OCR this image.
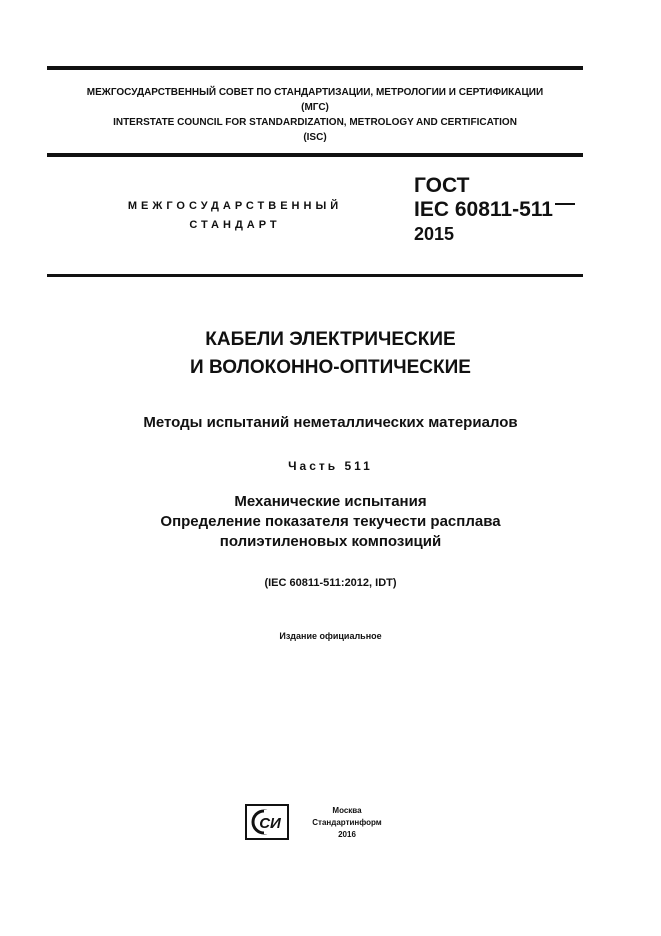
МЕЖГОСУДАРСТВЕННЫЙ СОВЕТ ПО СТАНДАРТИЗАЦИИ, МЕТРОЛОГИИ И СЕРТИФИКАЦИИ
(МГС)
INTERSTATE COUNCIL FOR STANDARDIZATION, METROLOGY AND CERTIFICATION
(ISC)
МЕЖГОСУДАРСТВЕННЫЙ
СТАНДАРТ
ГОСТ
IEC 60811-511
2015
КАБЕЛИ ЭЛЕКТРИЧЕСКИЕ
И ВОЛОКОННО-ОПТИЧЕСКИЕ
Методы испытаний неметаллических материалов
Часть 511
Механические испытания
Определение показателя текучести расплава
полиэтиленовых композиций
(IEC 60811-511:2012, IDT)
Издание официальное
СИ
Москва
Стандартинформ
2016
